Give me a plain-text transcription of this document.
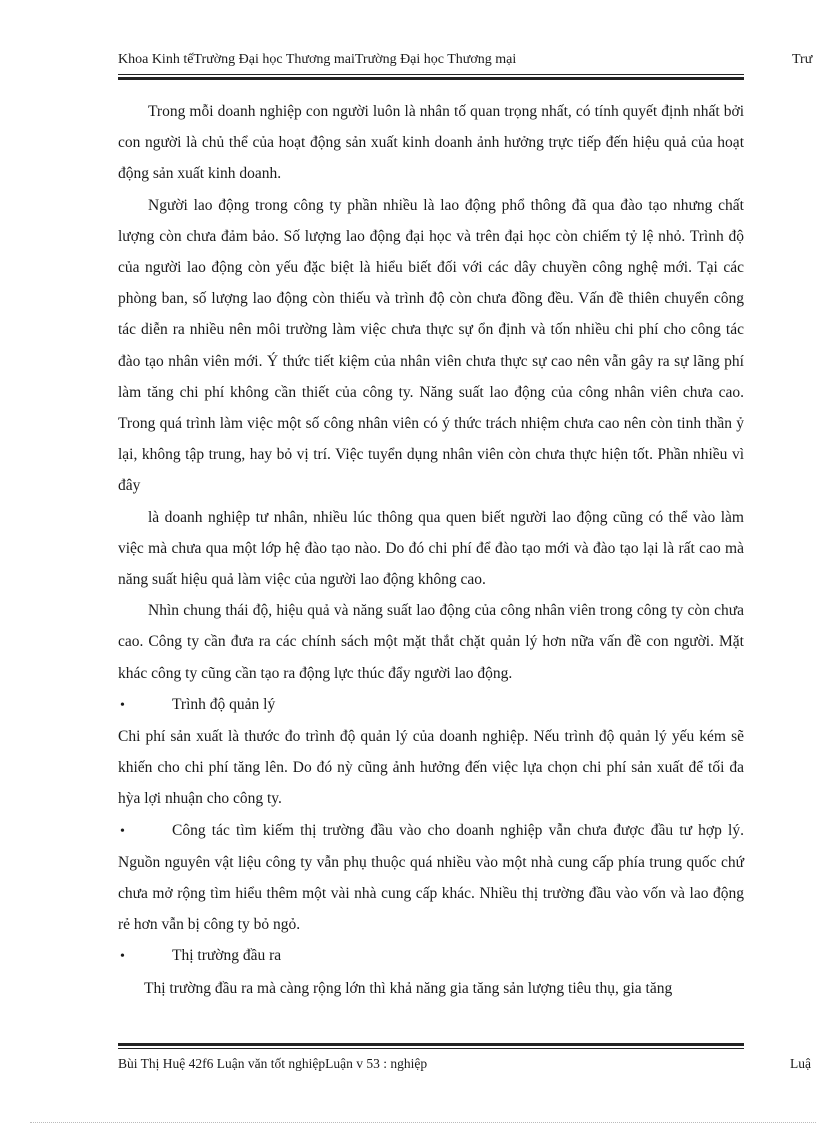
Khoa Kinh tếTrường Đại học Thương maiTrường Đại học Thương mại	Trư

Trong mỗi doanh nghiệp con người luôn là nhân tố quan trọng nhất, có tính quyết định nhất bởi con người là chủ thể của hoạt động sản xuất kinh doanh ảnh hưởng trực tiếp đến hiệu quả của hoạt động sản xuất kinh doanh.

Người lao động trong công ty phần nhiều là lao động phổ thông đã qua đào tạo nhưng chất lượng còn chưa đảm bảo. Số lượng lao động đại học và trên đại học còn chiếm tỷ lệ nhỏ. Trình độ của người lao động còn yếu đặc biệt là hiểu biết đối với các dây chuyền công nghệ mới. Tại các phòng ban, số lượng lao động còn thiếu và trình độ còn chưa đồng đều. Vấn đề thiên chuyển công tác diễn ra nhiều nên môi trường làm việc chưa thực sự ổn định và tốn nhiều chi phí cho công tác đào tạo nhân viên mới. Ý thức tiết kiệm của nhân viên chưa thực sự cao nên vẫn gây ra sự lãng phí làm tăng chi phí không cần thiết của công ty. Năng suất lao động của công nhân viên chưa cao. Trong quá trình làm việc một số công nhân viên có ý thức trách nhiệm chưa cao nên còn tinh thần ỷ lại, không tập trung, hay bỏ vị trí. Việc tuyển dụng nhân viên còn chưa thực hiện tốt. Phần nhiều vì đây

là doanh nghiệp tư nhân, nhiều lúc thông qua quen biết người lao động cũng có thể vào làm việc mà chưa qua một lớp hệ đào tạo nào. Do đó chi phí để đào tạo mới và đào tạo lại là rất cao mà năng suất hiệu quả làm việc của người lao động không cao.

Nhìn chung thái độ, hiệu quả và năng suất lao động của công nhân viên trong công ty còn chưa cao. Công ty cần đưa ra các chính sách một mặt thắt chặt quản lý hơn nữa vấn đề con người. Mặt khác công ty cũng cần tạo ra động lực thúc đẩy người lao động.

•	Trình độ quản lý

Chi phí sản xuất là thước đo trình độ quản lý của doanh nghiệp. Nếu trình độ quản lý yếu kém sẽ khiến cho chi phí tăng lên. Do đó nỳ cũng ảnh hưởng đến việc lựa chọn chi phí sản xuất để tối đa hỳa lợi nhuận cho công ty.

•	Công tác tìm kiếm thị trường đầu vào cho doanh nghiệp vẫn chưa được đầu tư hợp lý. Nguồn nguyên vật liệu công ty vẫn phụ thuộc quá nhiều vào một nhà cung cấp phía trung quốc chứ chưa mở rộng tìm hiểu thêm một vài nhà cung cấp khác. Nhiều thị trường đầu vào vốn và lao động rẻ hơn vẫn bị công ty bỏ ngỏ.

•	Thị trường đầu ra

Thị trường đầu ra mà càng rộng lớn thì khả năng gia tăng sản lượng tiêu thụ, gia tăng

Bùi Thị Huệ 42f6 Luận văn tốt nghiệpLuận v 53 : nghiệp	Luậ
